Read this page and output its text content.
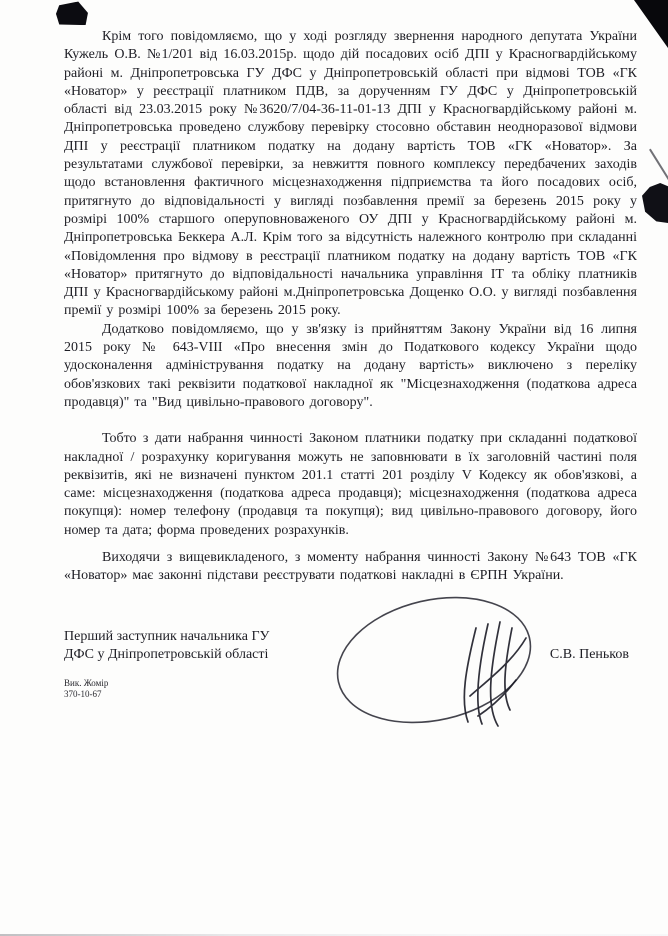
Крім того повідомляємо, що у ході розгляду звернення народного депутата України Кужель О.В. №1/201 від 16.03.2015р. щодо дій посадових осіб ДПІ у Красногвардійському районі м. Дніпропетровська ГУ ДФС у Дніпропетровській області при відмові ТОВ «ГК «Новатор» у реєстрації платником ПДВ, за дорученням ГУ ДФС у Дніпропетровській області від 23.03.2015 року №3620/7/04-36-11-01-13 ДПІ у Красногвардійському районі м. Дніпропетровська проведено службову перевірку стосовно обставин неодноразової відмови ДПІ у реєстрації платником податку на додану вартість ТОВ «ГК «Новатор». За результатами службової перевірки, за невжиття повного комплексу передбачених заходів щодо встановлення фактичного місцезнаходження підприємства та його посадових осіб, притягнуто до відповідальності у вигляді позбавлення премії за березень 2015 року у розмірі 100% старшого оперуповноваженого ОУ ДПІ у Красногвардійському районі м. Дніпропетровська Беккера А.Л. Крім того за відсутність належного контролю при складанні «Повідомлення про відмову в реєстрації платником податку на додану вартість ТОВ «ГК «Новатор» притягнуто до відповідальності начальника управління ІТ та обліку платників ДПІ у Красногвардійському районі м.Дніпропетровська Дощенко О.О. у вигляді позбавлення премії у розмірі 100% за березень 2015 року.

Додатково повідомляємо, що у зв'язку із прийняттям Закону України від 16 липня 2015 року № 643-VIII «Про внесення змін до Податкового кодексу України щодо удосконалення адміністрування податку на додану вартість» виключено з переліку обов'язкових такі реквізити податкової накладної як "Місцезнаходження (податкова адреса продавця)" та "Вид цивільно-правового договору".

Тобто з дати набрання чинності Законом платники податку при складанні податкової накладної / розрахунку коригування можуть не заповнювати в їх заголовній частині поля реквізитів, які не визначені пунктом 201.1 статті 201 розділу V Кодексу як обов'язкові, а саме: місцезнаходження (податкова адреса продавця); місцезнаходження (податкова адреса покупця): номер телефону (продавця та покупця); вид цивільно-правового договору, його номер та дата; форма проведених розрахунків.

Виходячи з вищевикладеного, з моменту набрання чинності Закону №643 ТОВ «ГК «Новатор» має законні підстави реєструвати податкові накладні в ЄРПН України.

Перший заступник начальника ГУ
ДФС у Дніпропетровській області	С.В. Пеньков
Вик. Жомір
370-10-67
